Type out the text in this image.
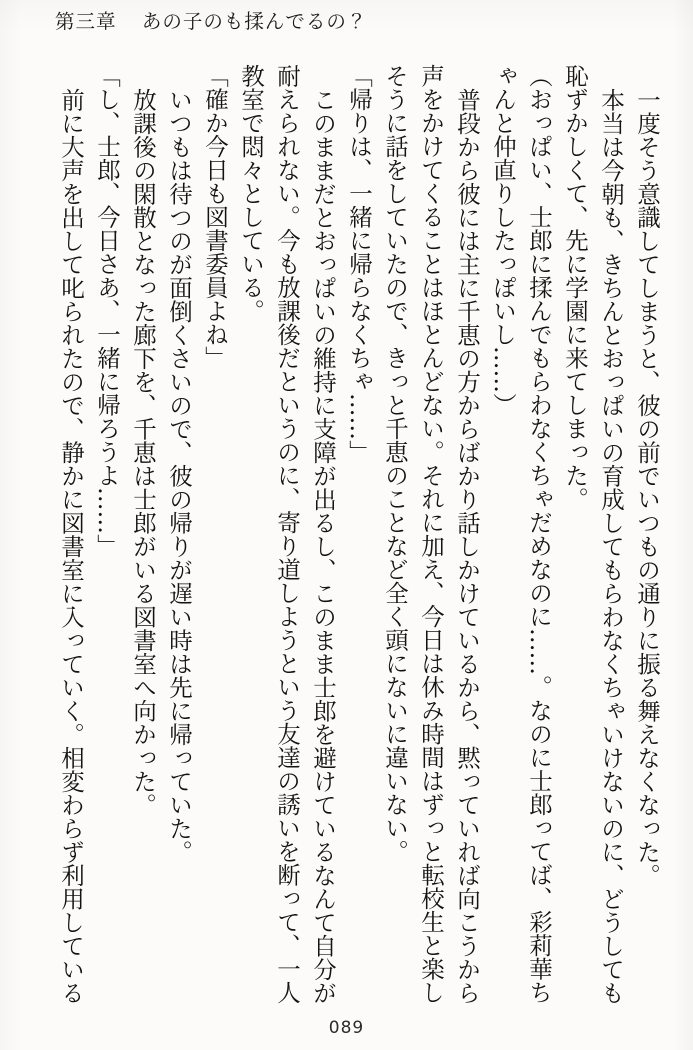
第三章 あの子のも揉んでるの？

一度そう意識してしまうと、彼の前でいつもの通りに振る舞えなくなった。

本当は今朝も、きちんとおっぱいの育成してもらわなくちゃいけないのに、どうしても恥ずかしくて、先に学園に来てしまった。

（おっぱい、士郎に揉んでもらわなくちゃだめなのに……。なのに士郎ってば、彩莉華ちゃんと仲直りしたっぽいし……）

普段から彼には主に千恵の方からばかり話しかけているから、黙っていれば向こうから声をかけてくることはほとんどない。それに加え、今日は休み時間はずっと転校生と楽しそうに話をしていたので、きっと千恵のことなど全く頭にないに違いない。

「帰りは、一緒に帰らなくちゃ……」

このままだとおっぱいの維持に支障が出るし、このまま士郎を避けているなんて自分が耐えられない。今も放課後だというのに、寄り道しようという友達の誘いを断って、一人教室で悶々としている。

「確か今日も図書委員よね」

いつもは待つのが面倒くさいので、彼の帰りが遅い時は先に帰っていた。

放課後の閑散となった廊下を、千恵は士郎がいる図書室へ向かった。

「し、士郎、今日さあ、一緒に帰ろうよ……」

前に大声を出して叱られたので、静かに図書室に入っていく。相変わらず利用している

089
